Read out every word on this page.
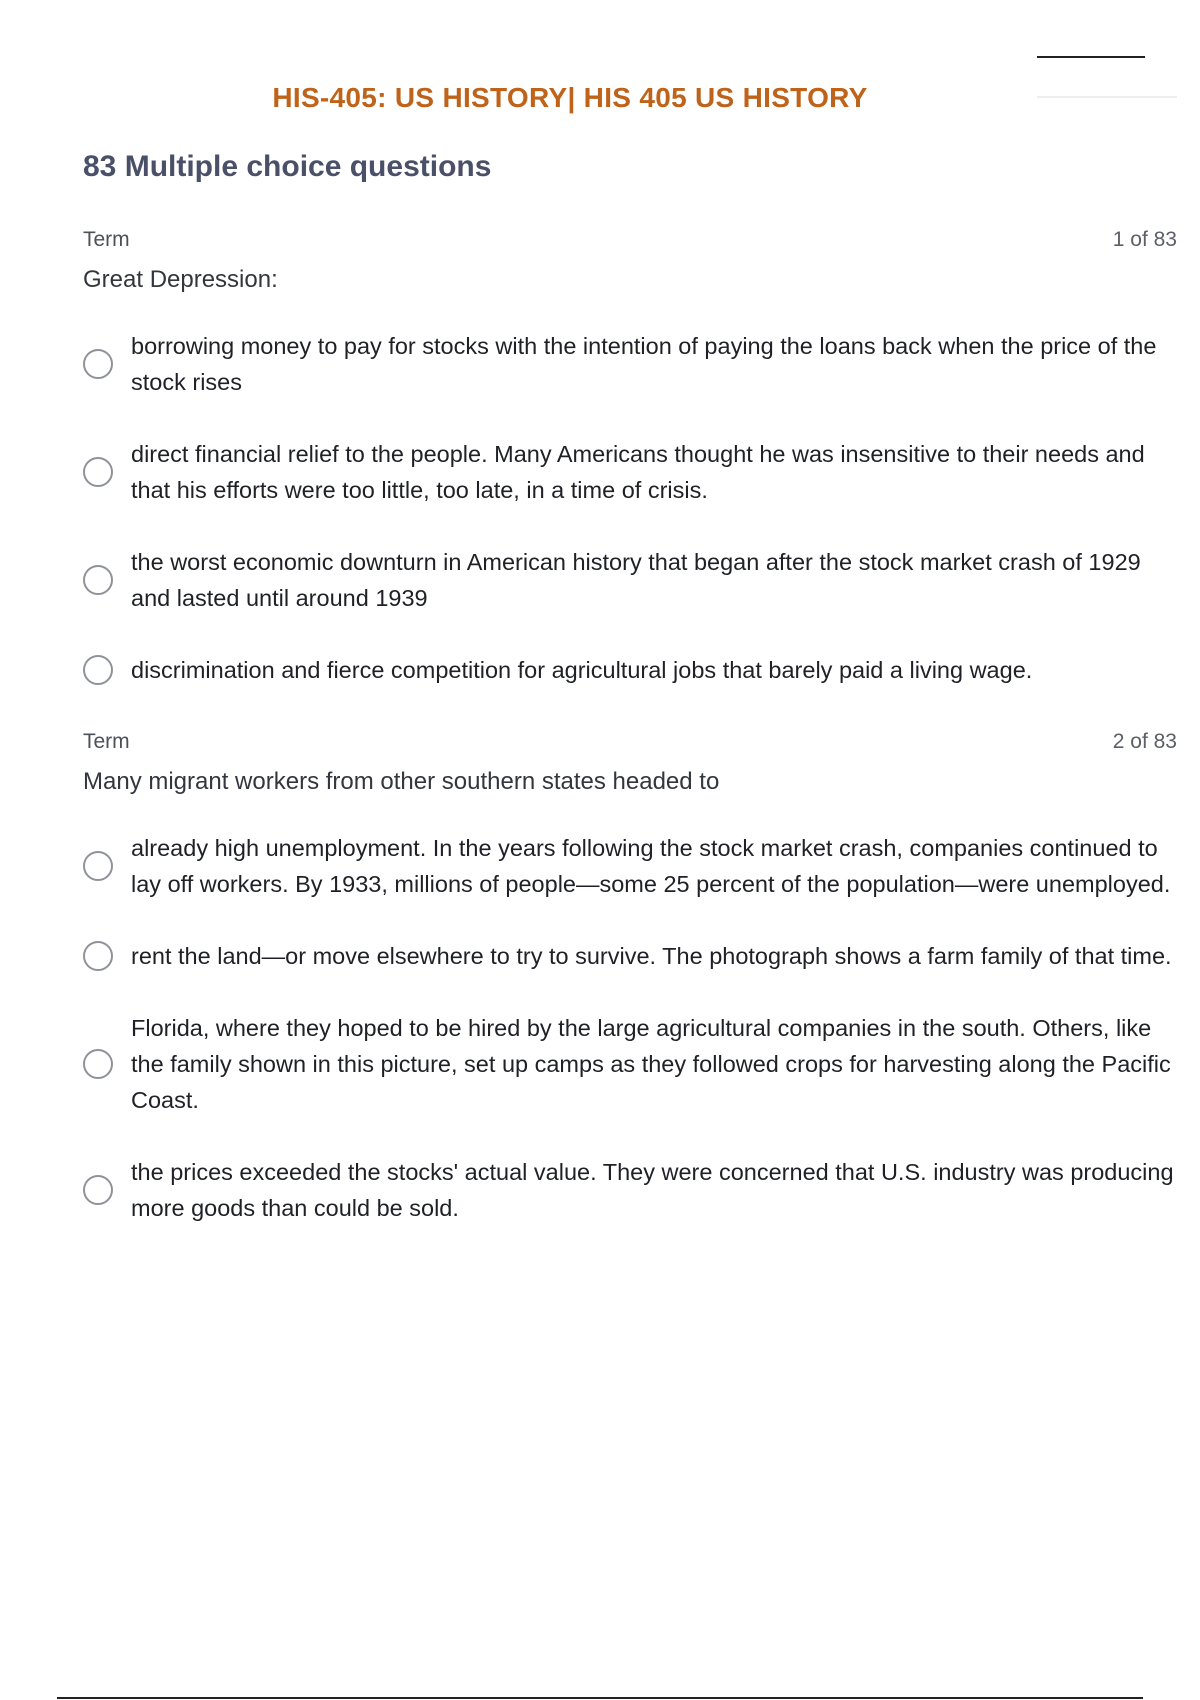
HIS-405: US HISTORY| HIS 405 US HISTORY
83 Multiple choice questions
Term	1 of 83
Great Depression:
borrowing money to pay for stocks with the intention of paying the loans back when the price of the stock rises
direct financial relief to the people. Many Americans thought he was insensitive to their needs and that his efforts were too little, too late, in a time of crisis.
the worst economic downturn in American history that began after the stock market crash of 1929 and lasted until around 1939
discrimination and fierce competition for agricultural jobs that barely paid a living wage.
Term	2 of 83
Many migrant workers from other southern states headed to
already high unemployment. In the years following the stock market crash, companies continued to lay off workers. By 1933, millions of people—some 25 percent of the population—were unemployed.
rent the land—or move elsewhere to try to survive. The photograph shows a farm family of that time.
Florida, where they hoped to be hired by the large agricultural companies in the south. Others, like the family shown in this picture, set up camps as they followed crops for harvesting along the Pacific Coast.
the prices exceeded the stocks' actual value. They were concerned that U.S. industry was producing more goods than could be sold.
